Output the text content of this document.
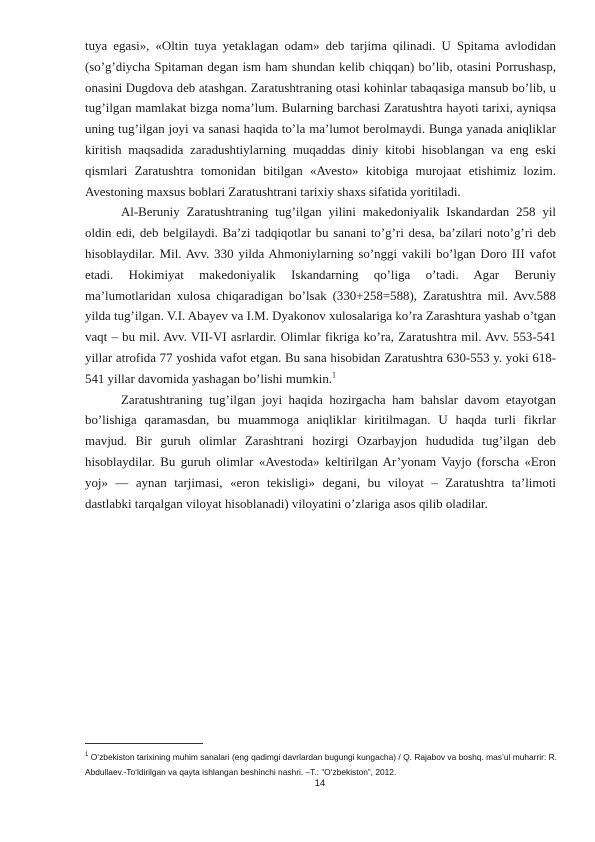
tuya egasi», «Oltin tuya yetaklagan odam» deb tarjima qilinadi. U Spitama avlodidan (so’g’diycha Spitaman degan ism ham shundan kelib chiqqan) bo’lib, otasini Porrushasp, onasini Dugdova deb atashgan. Zaratushtraning otasi kohinlar tabaqasiga mansub bo’lib, u tug’ilgan mamlakat bizga noma’lum. Bularning barchasi Zaratushtra hayoti tarixi, ayniqsa uning tug’ilgan joyi va sanasi haqida to’la ma’lumot berolmaydi. Bunga yanada aniqliklar kiritish maqsadida zaradushtiylarning muqaddas diniy kitobi hisoblangan va eng eski qismlari Zaratushtra tomonidan bitilgan «Avesto» kitobiga murojaat etishimiz lozim. Avestoning maxsus boblari Zaratushtrani tarixiy shaxs sifatida yoritiladi.

Al-Beruniy Zaratushtraning tug’ilgan yilini makedoniyalik Iskandardan 258 yil oldin edi, deb belgilaydi. Ba’zi tadqiqotlar bu sanani to’g’ri desa, ba’zilari noto’g’ri deb hisoblaydilar. Mil. Avv. 330 yilda Ahmoniylarning so’nggi vakili bo’lgan Doro III vafot etadi. Hokimiyat makedoniyalik Iskandarning qo’liga o’tadi. Agar Beruniy ma’lumotlaridan xulosa chiqaradigan bo’lsak (330+258=588), Zaratushtra mil. Avv.588 yilda tug’ilgan. V.I. Abayev va I.M. Dyakonov xulosalariga ko’ra Zarashtura yashab o’tgan vaqt – bu mil. Avv. VII-VI asrlardir. Olimlar fikriga ko’ra, Zaratushtra mil. Avv. 553-541 yillar atrofida 77 yoshida vafot etgan. Bu sana hisobidan Zaratushtra 630-553 y. yoki 618-541 yillar davomida yashagan bo’lishi mumkin.$^1$

Zaratushtraning tug’ilgan joyi haqida hozirgacha ham bahslar davom etayotgan bo’lishiga qaramasdan, bu muammoga aniqliklar kiritilmagan. U haqda turli fikrlar mavjud. Bir guruh olimlar Zarashtrani hozirgi Ozarbayjon hududida tug’ilgan deb hisoblaydilar. Bu guruh olimlar «Avestoda» keltirilgan Ar’yonam Vayjo (forscha «Eron yoj» — aynan tarjimasi, «eron tekisligi» degani, bu viloyat – Zaratushtra ta’limoti dastlabki tarqalgan viloyat hisoblanadi) viloyatini o’zlariga asos qilib oladilar.

$^1$ O‘zbekiston tarixining muhim sanalari (eng qadimgi davrlardan bugungi kungacha) / Q. Rajabov va boshq. mas’ul muharrir: R. Abdullaev.-To‘ldirilgan va qayta ishlangan beshinchi nashri. –T.: “O‘zbekiston”, 2012.
14
